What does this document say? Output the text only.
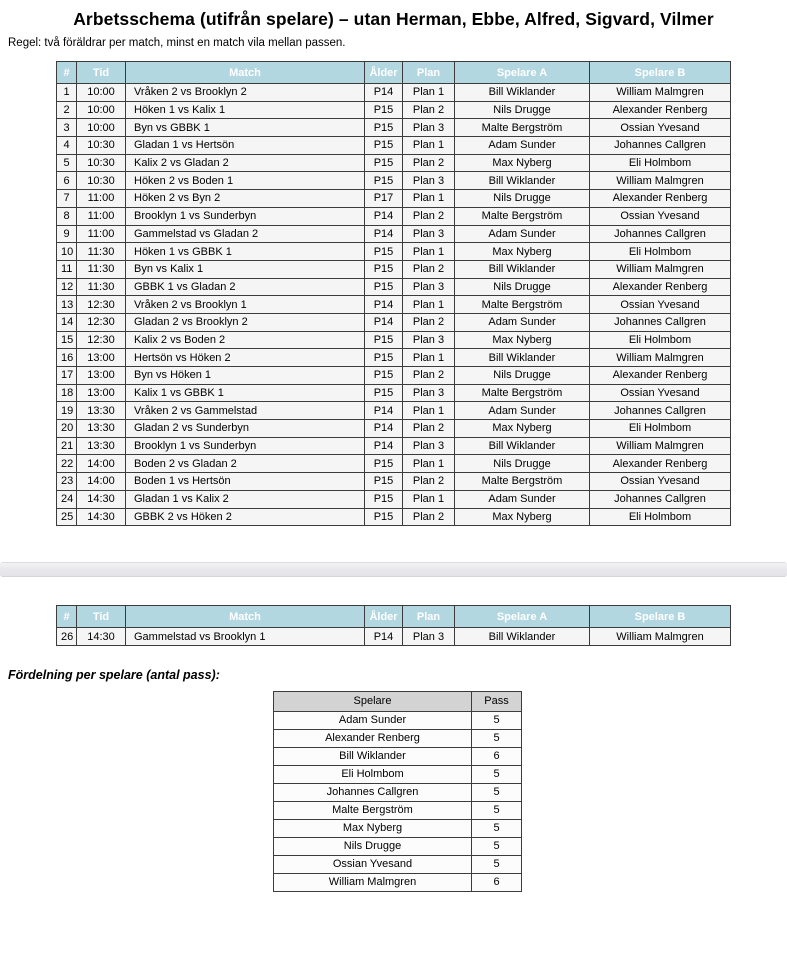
Arbetsschema (utifrån spelare) – utan Herman, Ebbe, Alfred, Sigvard, Vilmer
Regel: två föräldrar per match, minst en match vila mellan passen.
#	Tid	Match	Ålder	Plan	Spelare A	Spelare B
1	10:00	Vråken 2 vs Brooklyn 2	P14	Plan 1	Bill Wiklander	William Malmgren
2	10:00	Höken 1 vs Kalix 1	P15	Plan 2	Nils Drugge	Alexander Renberg
3	10:00	Byn vs GBBK 1	P15	Plan 3	Malte Bergström	Ossian Yvesand
4	10:30	Gladan 1 vs Hertsön	P15	Plan 1	Adam Sunder	Johannes Callgren
5	10:30	Kalix 2 vs Gladan 2	P15	Plan 2	Max Nyberg	Eli Holmbom
6	10:30	Höken 2 vs Boden 1	P15	Plan 3	Bill Wiklander	William Malmgren
7	11:00	Höken 2 vs Byn 2	P17	Plan 1	Nils Drugge	Alexander Renberg
8	11:00	Brooklyn 1 vs Sunderbyn	P14	Plan 2	Malte Bergström	Ossian Yvesand
9	11:00	Gammelstad vs Gladan 2	P14	Plan 3	Adam Sunder	Johannes Callgren
10	11:30	Höken 1 vs GBBK 1	P15	Plan 1	Max Nyberg	Eli Holmbom
11	11:30	Byn vs Kalix 1	P15	Plan 2	Bill Wiklander	William Malmgren
12	11:30	GBBK 1 vs Gladan 2	P15	Plan 3	Nils Drugge	Alexander Renberg
13	12:30	Vråken 2 vs Brooklyn 1	P14	Plan 1	Malte Bergström	Ossian Yvesand
14	12:30	Gladan 2 vs Brooklyn 2	P14	Plan 2	Adam Sunder	Johannes Callgren
15	12:30	Kalix 2 vs Boden 2	P15	Plan 3	Max Nyberg	Eli Holmbom
16	13:00	Hertsön vs Höken 2	P15	Plan 1	Bill Wiklander	William Malmgren
17	13:00	Byn vs Höken 1	P15	Plan 2	Nils Drugge	Alexander Renberg
18	13:00	Kalix 1 vs GBBK 1	P15	Plan 3	Malte Bergström	Ossian Yvesand
19	13:30	Vråken 2 vs Gammelstad	P14	Plan 1	Adam Sunder	Johannes Callgren
20	13:30	Gladan 2 vs Sunderbyn	P14	Plan 2	Max Nyberg	Eli Holmbom
21	13:30	Brooklyn 1 vs Sunderbyn	P14	Plan 3	Bill Wiklander	William Malmgren
22	14:00	Boden 2 vs Gladan 2	P15	Plan 1	Nils Drugge	Alexander Renberg
23	14:00	Boden 1 vs Hertsön	P15	Plan 2	Malte Bergström	Ossian Yvesand
24	14:30	Gladan 1 vs Kalix 2	P15	Plan 1	Adam Sunder	Johannes Callgren
25	14:30	GBBK 2 vs Höken 2	P15	Plan 2	Max Nyberg	Eli Holmbom
#	Tid	Match	Ålder	Plan	Spelare A	Spelare B
26	14:30	Gammelstad vs Brooklyn 1	P14	Plan 3	Bill Wiklander	William Malmgren
Fördelning per spelare (antal pass):
Spelare	Pass
Adam Sunder	5
Alexander Renberg	5
Bill Wiklander	6
Eli Holmbom	5
Johannes Callgren	5
Malte Bergström	5
Max Nyberg	5
Nils Drugge	5
Ossian Yvesand	5
William Malmgren	6
